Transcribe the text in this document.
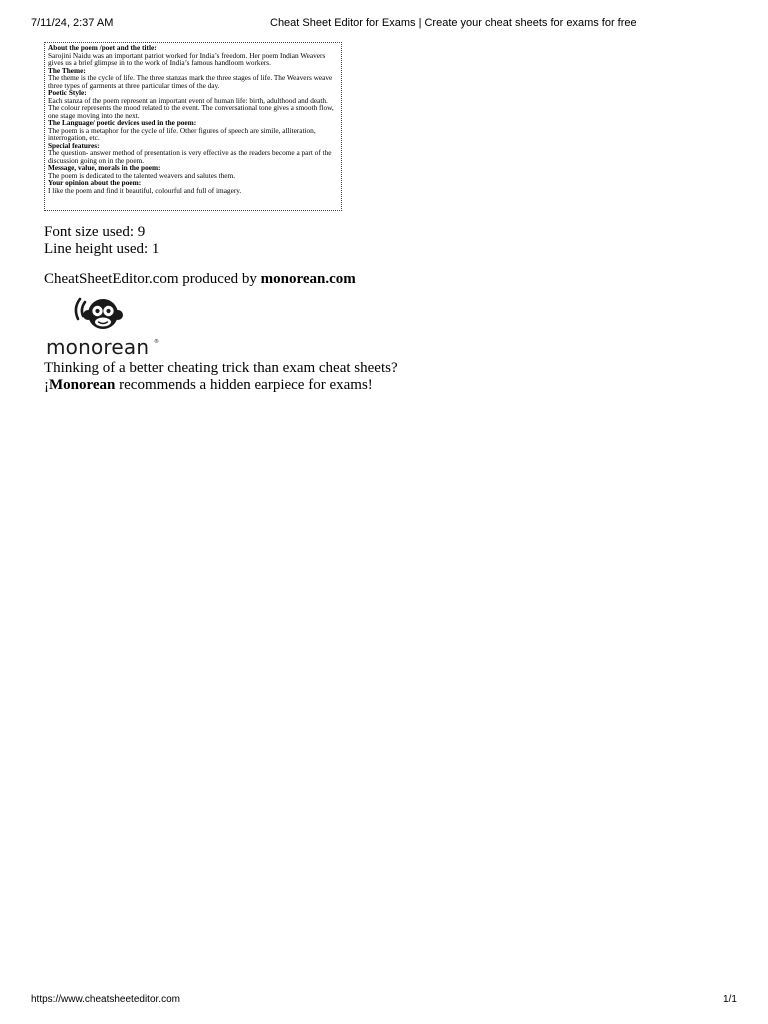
7/11/24, 2:37 AM	Cheat Sheet Editor for Exams | Create your cheat sheets for exams for free
About the poem /poet and the title:
Sarojini Naidu was an important patriot worked for India’s freedom. Her poem Indian Weavers gives us a brief glimpse in to the work of India’s famous handloom workers.
The Theme:
The theme is the cycle of life. The three stanzas mark the three stages of life. The Weavers weave three types of garments at three particular times of the day.
Poetic Style:
Each stanza of the poem represent an important event of human life: birth, adulthood and death. The colour represents the mood related to the event. The conversational tone gives a smooth flow, one stage moving into the next.
The Language/ poetic devices used in the poem:
The poem is a metaphor for the cycle of life. Other figures of speech are simile, alliteration, interrogation, etc.
Special features:
The question- answer method of presentation is very effective as the readers become a part of the discussion going on in the poem.
Message, value, morals in the poem:
The poem is dedicated to the talented weavers and salutes them.
Your opinion about the poem:
I like the poem and find it beautiful, colourful and full of imagery.
Font size used: 9
Line height used: 1
CheatSheetEditor.com produced by monorean.com
monorean ®
Thinking of a better cheating trick than exam cheat sheets?
¡Monorean recommends a hidden earpiece for exams!
https://www.cheatsheeteditor.com	1/1
